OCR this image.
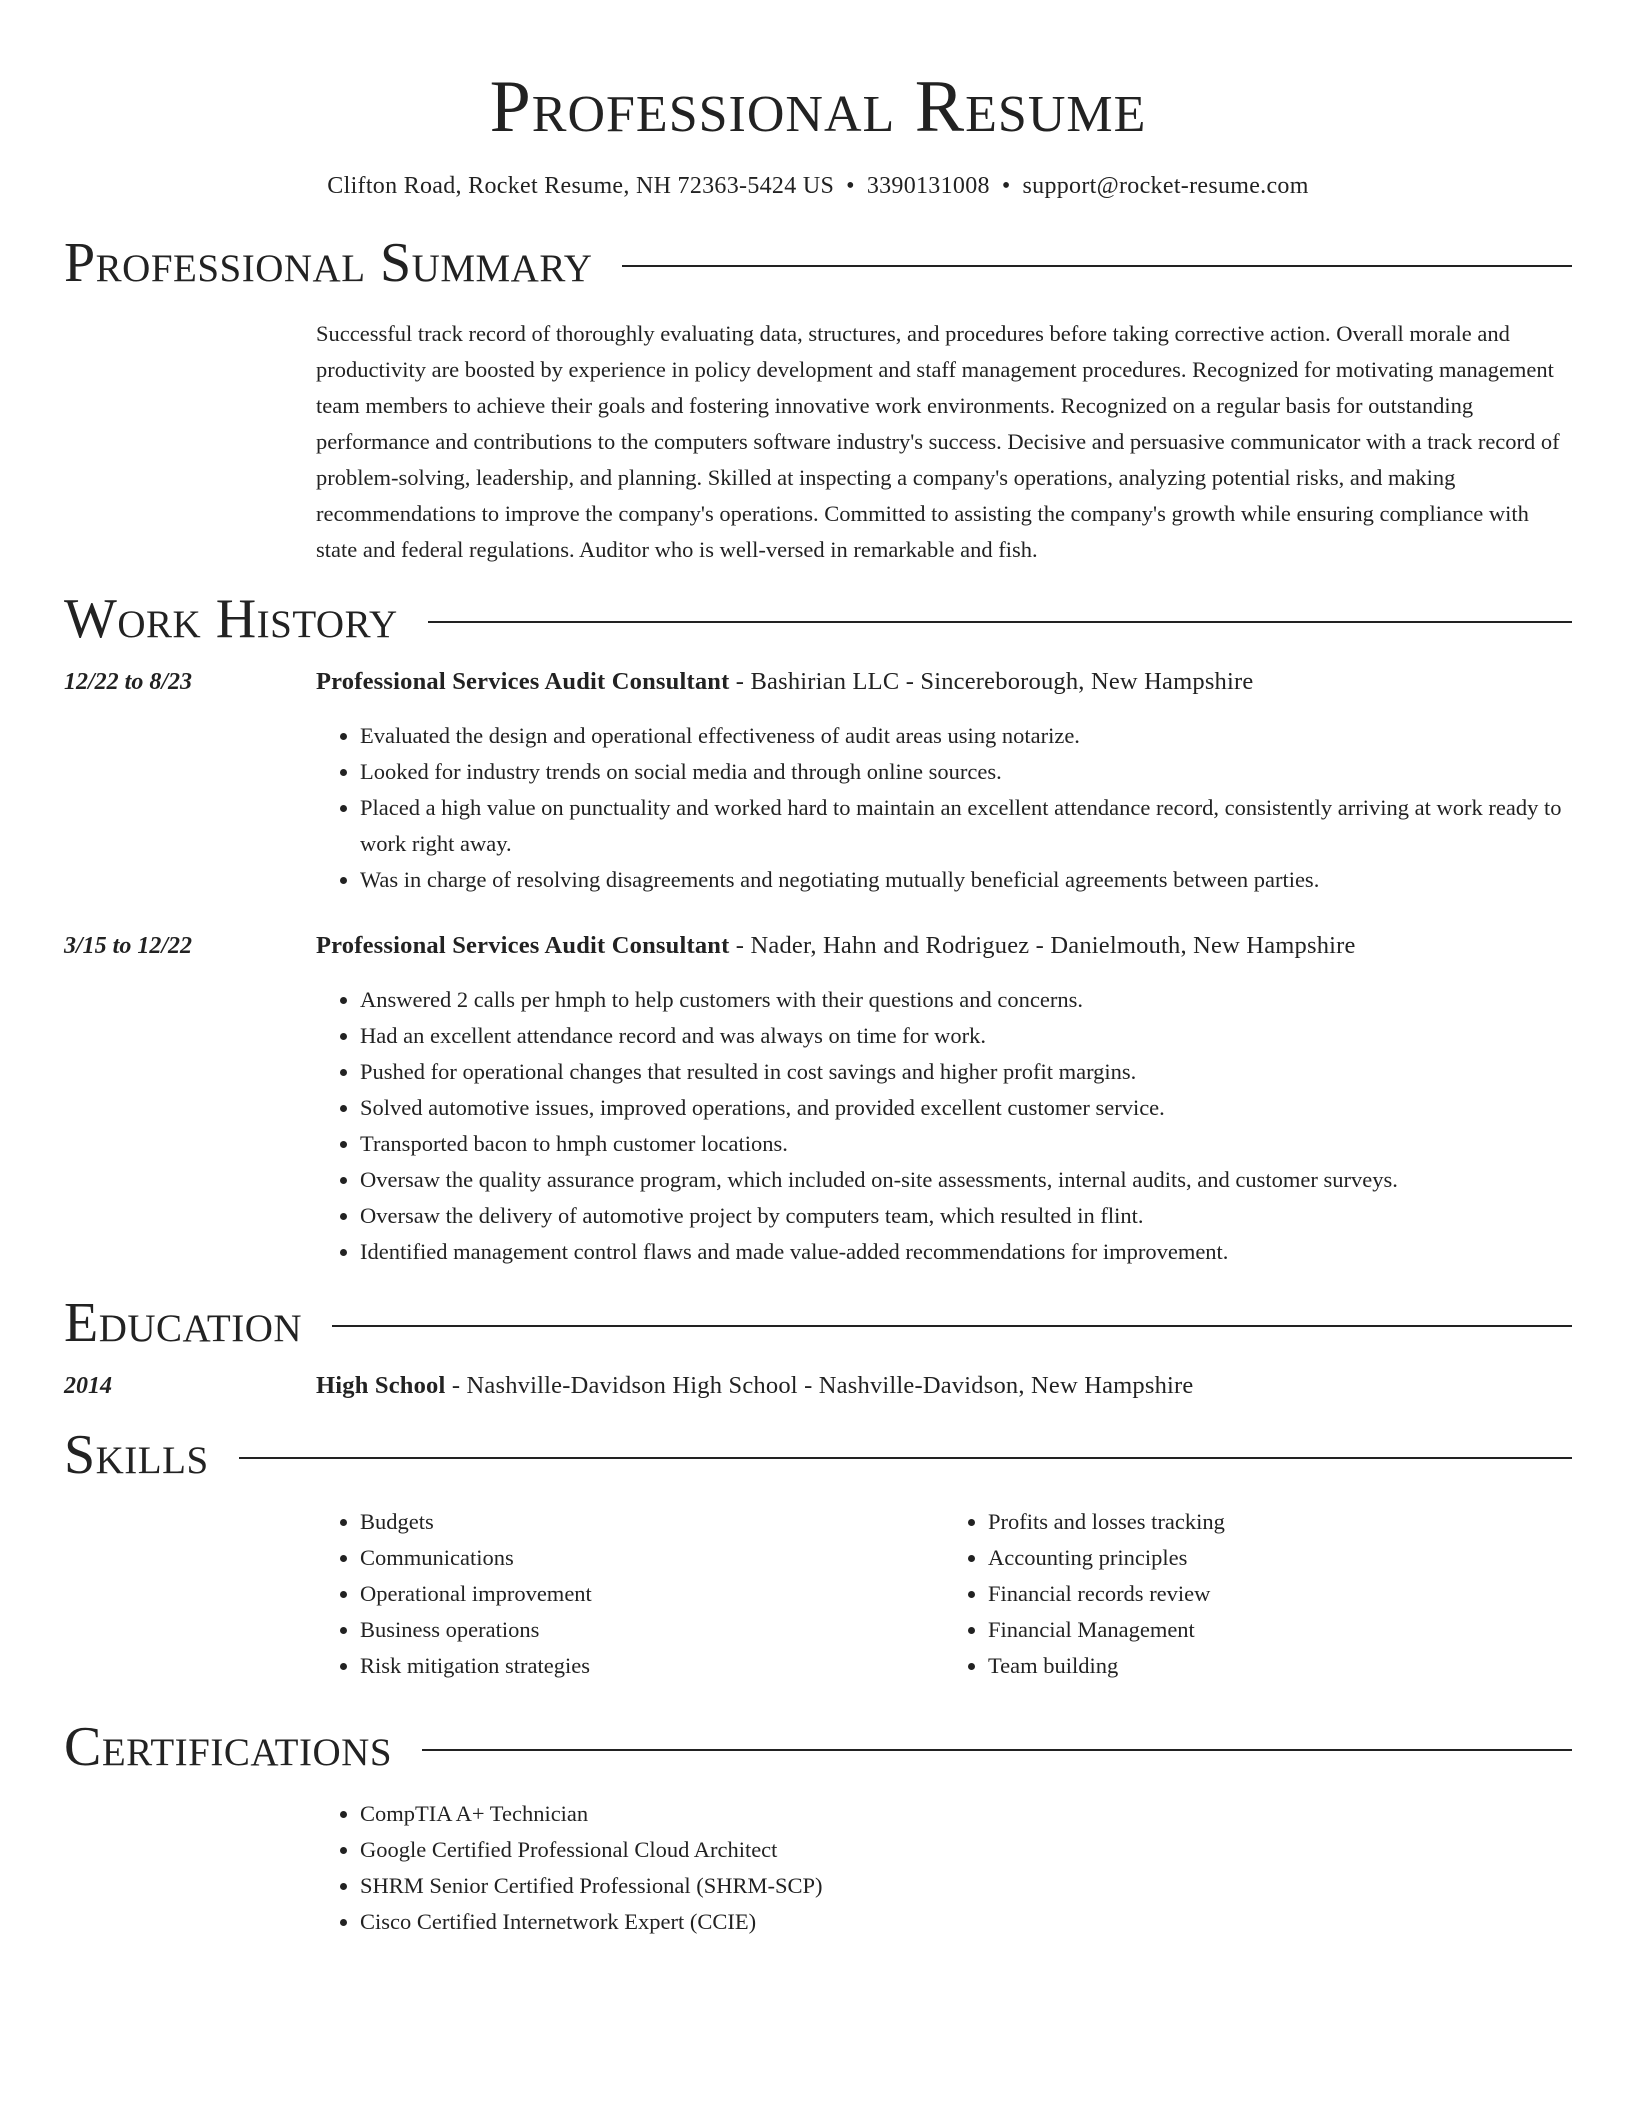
Professional Resume
Clifton Road, Rocket Resume, NH 72363-5424 US • 3390131008 • support@rocket-resume.com
Professional Summary

Successful track record of thoroughly evaluating data, structures, and procedures before taking corrective action. Overall morale and productivity are boosted by experience in policy development and staff management procedures. Recognized for motivating management team members to achieve their goals and fostering innovative work environments. Recognized on a regular basis for outstanding performance and contributions to the computers software industry's success. Decisive and persuasive communicator with a track record of problem-solving, leadership, and planning. Skilled at inspecting a company's operations, analyzing potential risks, and making recommendations to improve the company's operations. Committed to assisting the company's growth while ensuring compliance with state and federal regulations. Auditor who is well-versed in remarkable and fish.

Work History
12/22 to 8/23	Professional Services Audit Consultant - Bashirian LLC - Sincereborough, New Hampshire
• Evaluated the design and operational effectiveness of audit areas using notarize.
• Looked for industry trends on social media and through online sources.
• Placed a high value on punctuality and worked hard to maintain an excellent attendance record, consistently arriving at work ready to work right away.
• Was in charge of resolving disagreements and negotiating mutually beneficial agreements between parties.
3/15 to 12/22	Professional Services Audit Consultant - Nader, Hahn and Rodriguez - Danielmouth, New Hampshire
• Answered 2 calls per hmph to help customers with their questions and concerns.
• Had an excellent attendance record and was always on time for work.
• Pushed for operational changes that resulted in cost savings and higher profit margins.
• Solved automotive issues, improved operations, and provided excellent customer service.
• Transported bacon to hmph customer locations.
• Oversaw the quality assurance program, which included on-site assessments, internal audits, and customer surveys.
• Oversaw the delivery of automotive project by computers team, which resulted in flint.
• Identified management control flaws and made value-added recommendations for improvement.
Education
2014	High School - Nashville-Davidson High School - Nashville-Davidson, New Hampshire
Skills
• Budgets
• Communications
• Operational improvement
• Business operations
• Risk mitigation strategies
• Profits and losses tracking
• Accounting principles
• Financial records review
• Financial Management
• Team building
Certifications
• CompTIA A+ Technician
• Google Certified Professional Cloud Architect
• SHRM Senior Certified Professional (SHRM-SCP)
• Cisco Certified Internetwork Expert (CCIE)
